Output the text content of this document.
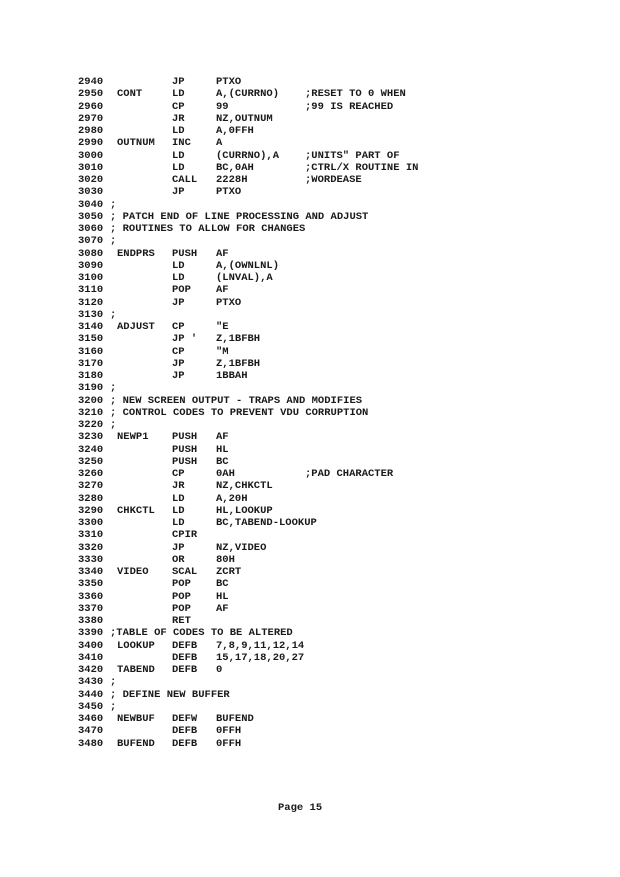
2940	JP	PTXO
2950 CONT	LD	A,(CURRNO) ;RESET TO 0 WHEN
2960	CP	99	;99 IS REACHED
2970	JR	NZ,OUTNUM
2980	LD	A,0FFH
2990 OUTNUM INC A
3000	LD	(CURRNO),A ;UNITS" PART OF
3010	LD	BC,0AH	;CTRL/X ROUTINE IN
3020	CALL 2228H	;WORDEASE
3030	JP	PTXO
3040 ;
3050 ; PATCH END OF LINE PROCESSING AND ADJUST
3060 ; ROUTINES TO ALLOW FOR CHANGES
3070 ;
3080 ENDPRS PUSH AF
3090	LD	A,(OWNLNL)
3100	LD	(LNVAL),A
3110	POP AF
3120	JP	PTXO
3130 ;
3140 ADJUST CP	"E
3150	JP ' Z,1BFBH
3160	CP	"M
3170	JP	Z,1BFBH
3180	JP	1BBAH
3190 ;
3200 ; NEW SCREEN OUTPUT - TRAPS AND MODIFIES
3210 ; CONTROL CODES TO PREVENT VDU CORRUPTION
3220 ;
3230 NEWP1 PUSH AF
3240	PUSH HL
3250	PUSH BC
3260	CP	0AH	;PAD CHARACTER
3270	JR	NZ,CHKCTL
3280	LD	A,20H
3290 CHKCTL LD	HL,LOOKUP
3300	LD	BC,TABEND-LOOKUP
3310	CPIR
3320	JP	NZ,VIDEO
3330	OR	80H
3340 VIDEO SCAL ZCRT
3350	POP BC
3360	POP HL
3370	POP AF
3380	RET
3390 ;TABLE OF CODES TO BE ALTERED
3400 LOOKUP DEFB 7,8,9,11,12,14
3410	DEFB 15,17,18,20,27
3420 TABEND DEFB 0
3430 ;
3440 ; DEFINE NEW BUFFER
3450 ;
3460 NEWBUF DEFW BUFEND
3470	DEFB 0FFH
3480 BUFEND DEFB 0FFH
Page 15
